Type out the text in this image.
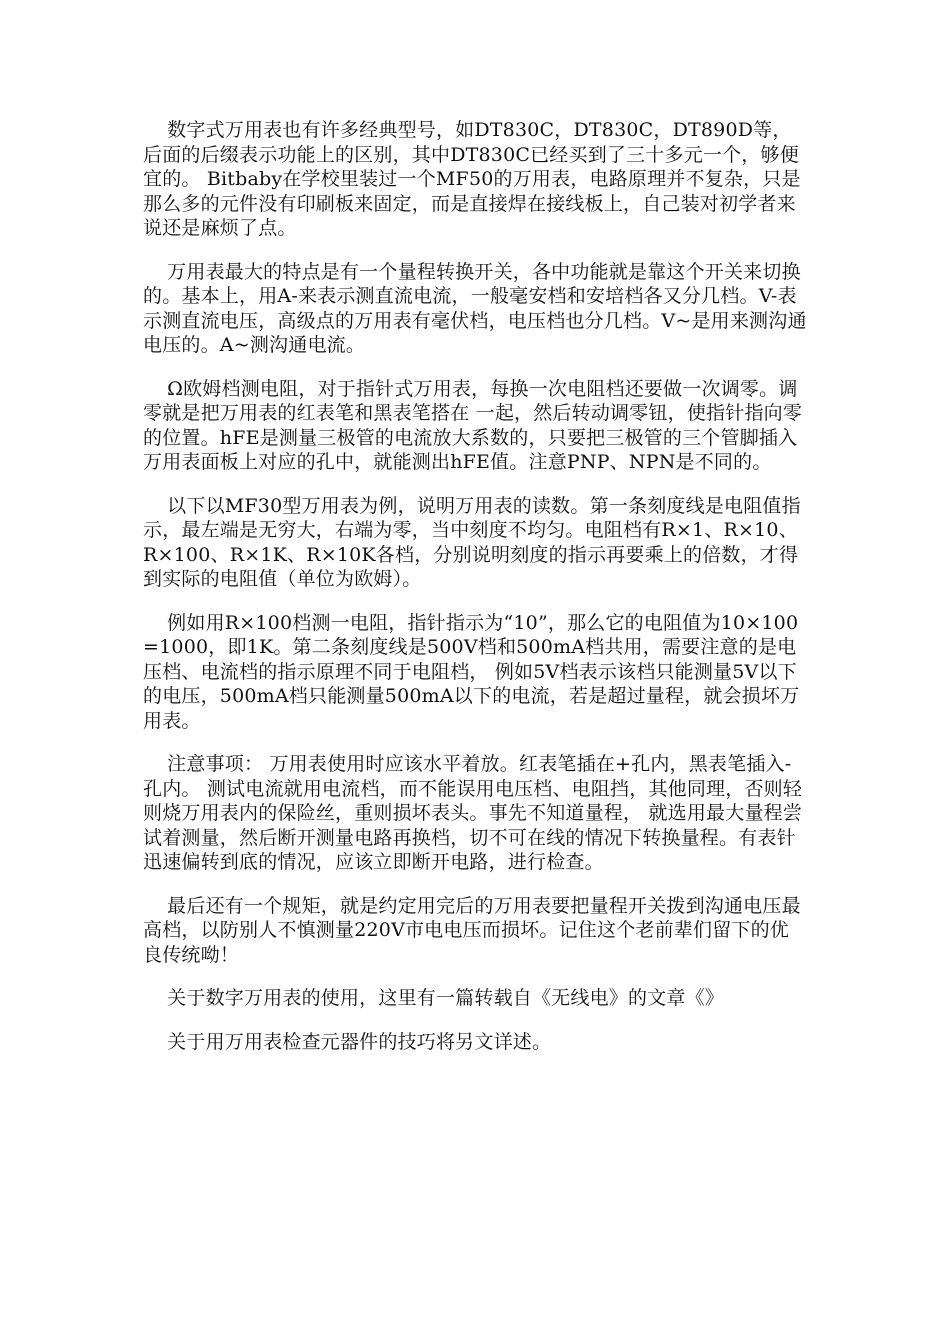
数字式万用表也有许多经典型号，如DT830C，DT830C，DT890D等，后面的后缀表示功能上的区别，其中DT830C已经买到了三十多元一个，够便宜的。 Bitbaby在学校里装过一个MF50的万用表，电路原理并不复杂，只是那么多的元件没有印刷板来固定，而是直接焊在接线板上，自己装对初学者来说还是麻烦了点。

万用表最大的特点是有一个量程转换开关，各中功能就是靠这个开关来切换的。基本上，用A-来表示测直流电流，一般毫安档和安培档各又分几档。V-表示测直流电压，高级点的万用表有毫伏档，电压档也分几档。V~是用来测沟通电压的。A~测沟通电流。

Ω欧姆档测电阻，对于指针式万用表，每换一次电阻档还要做一次调零。调零就是把万用表的红表笔和黑表笔搭在 一起，然后转动调零钮，使指针指向零的位置。hFE是测量三极管的电流放大系数的，只要把三极管的三个管脚插入万用表面板上对应的孔中，就能测出hFE值。注意PNP、NPN是不同的。

以下以MF30型万用表为例，说明万用表的读数。第一条刻度线是电阻值指示，最左端是无穷大，右端为零，当中刻度不均匀。电阻档有R×1、R×10、R×100、R×1K、R×10K各档，分别说明刻度的指示再要乘上的倍数，才得到实际的电阻值（单位为欧姆）。

例如用R×100档测一电阻，指针指示为“10”，那么它的电阻值为10×100=1000，即1K。第二条刻度线是500V档和500mA档共用，需要注意的是电压档、电流档的指示原理不同于电阻档， 例如5V档表示该档只能测量5V以下的电压，500mA档只能测量500mA以下的电流，若是超过量程，就会损坏万用表。

注意事项： 万用表使用时应该水平着放。红表笔插在+孔内，黑表笔插入-孔内。 测试电流就用电流档，而不能误用电压档、电阻挡，其他同理，否则轻则烧万用表内的保险丝，重则损坏表头。事先不知道量程， 就选用最大量程尝试着测量，然后断开测量电路再换档，切不可在线的情况下转换量程。有表针迅速偏转到底的情况，应该立即断开电路，进行检查。

最后还有一个规矩，就是约定用完后的万用表要把量程开关拨到沟通电压最高档，以防别人不慎测量220V市电电压而损坏。记住这个老前辈们留下的优良传统呦！

关于数字万用表的使用，这里有一篇转载自《无线电》的文章《》

关于用万用表检查元器件的技巧将另文详述。
